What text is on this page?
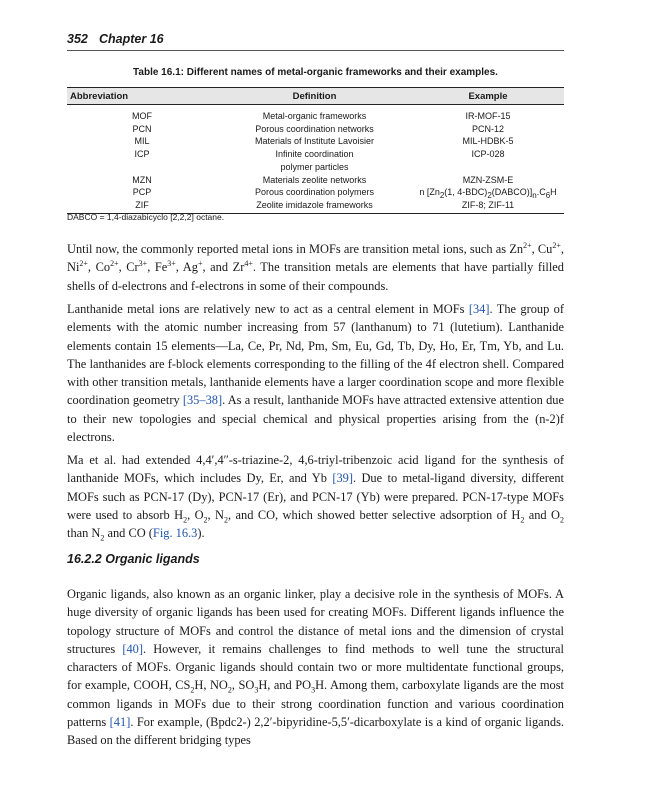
352 Chapter 16
Table 16.1: Different names of metal-organic frameworks and their examples.
Abbreviation	Definition	Example
MOF	Metal-organic frameworks	IR-MOF-15
PCN	Porous coordination networks	PCN-12
MIL	Materials of Institute Lavoisier	MIL-HDBK-5
ICP	Infinite coordination polymer particles	ICP-028
MZN	Materials zeolite networks	MZN-ZSM-E
PCP	Porous coordination polymers	n [$Zn_2(1$, $4-BDC)_2(DABCO)]_n.C_6H$
ZIF	Zeolite imidazole frameworks	ZIF-8; ZIF-11
DABCO = 1,4-diazabicyclo [2,2,2] octane.

Until now, the commonly reported metal ions in MOFs are transition metal ions, such as $Zn^{2+}$, $Cu^{2+}$, $Ni^{2+}$, $Co^{2+}$, $Cr^{3+}$, $Fe^{3+}$, Ag+, and $Zr^{4+}$. The transition metals are elements that have partially filled shells of d-electrons and f-electrons in some of their compounds.

Lanthanide metal ions are relatively new to act as a central element in MOFs [34]. The group of elements with the atomic number increasing from 57 (lanthanum) to 71 (lutetium). Lanthanide elements contain 15 elements—La, Ce, Pr, Nd, Pm, Sm, Eu, Gd, Tb, Dy, Ho, Er, Tm, Yb, and Lu. The lanthanides are f-block elements corresponding to the filling of the 4f electron shell. Compared with other transition metals, lanthanide elements have a larger coordination scope and more flexible coordination geometry [35–38]. As a result, lanthanide MOFs have attracted extensive attention due to their new topologies and special chemical and physical properties arising from the (n-2)f electrons.

Ma et al. had extended 4,4′,4″-s-triazine-2, 4,6-triyl-tribenzoic acid ligand for the synthesis of lanthanide MOFs, which includes Dy, Er, and Yb [39]. Due to metal-ligand diversity, different MOFs such as PCN-17 (Dy), PCN-17 (Er), and PCN-17 (Yb) were prepared. PCN-17-type MOFs were used to absorb $H_2$, $O_2$, $N_2$, and CO, which showed better selective adsorption of $H_2$ and $O_2$ than $N_2$ and CO (Fig. 16.3).

16.2.2 Organic ligands

Organic ligands, also known as an organic linker, play a decisive role in the synthesis of MOFs. A huge diversity of organic ligands has been used for creating MOFs. Different ligands influence the topology structure of MOFs and control the distance of metal ions and the dimension of crystal structures [40]. However, it remains challenges to find methods to well tune the structural characters of MOFs. Organic ligands should contain two or more multidentate functional groups, for example, COOH, $CS_2H$, $NO_2$, $SO_3H$, and $PO_3H$. Among them, carboxylate ligands are the most common ligands in MOFs due to their strong coordination function and various coordination patterns [41]. For example, (Bpdc2-) 2,2′-bipyridine-5,5′-dicarboxylate is a kind of organic ligands. Based on the different bridging types
